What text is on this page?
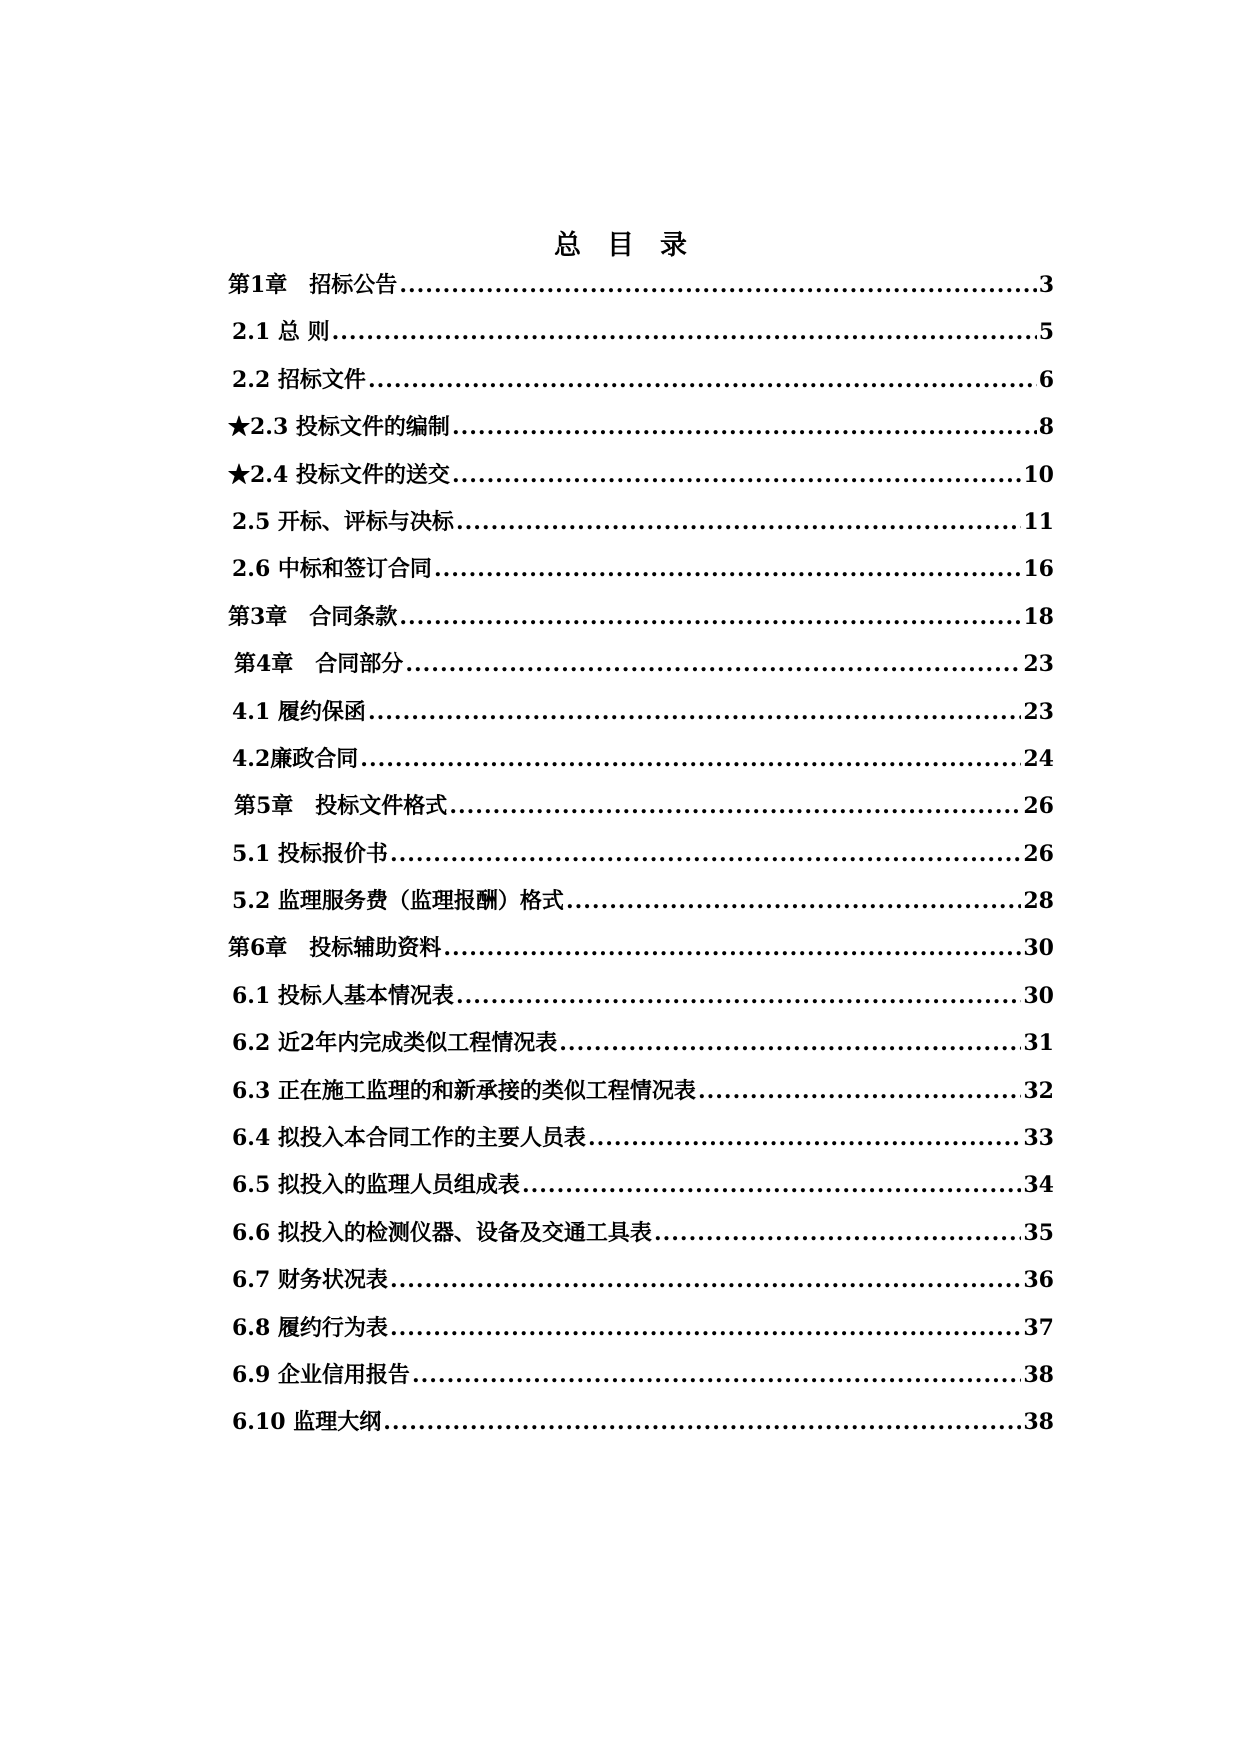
总目录
第1章　招标公告 .....	3
2.1 总 则 .....	5
2.2 招标文件 .....	6
★2.3 投标文件的编制 .....	8
★2.4 投标文件的送交 .....	10
2.5 开标、评标与决标 .....	11
2.6 中标和签订合同 .....	16
第3章　合同条款 .....	18
第4章　合同部分 .....	23
4.1 履约保函 .....	23
4.2廉政合同 .....	24
第5章　投标文件格式 .....	26
5.1 投标报价书 .....	26
5.2 监理服务费（监理报酬）格式 .....	28
第6章　投标辅助资料 .....	30
6.1 投标人基本情况表 .....	30
6.2 近2年内完成类似工程情况表 .....	31
6.3 正在施工监理的和新承接的类似工程情况表 .....	32
6.4 拟投入本合同工作的主要人员表 .....	33
6.5 拟投入的监理人员组成表 .....	34
6.6 拟投入的检测仪器、设备及交通工具表 .....	35
6.7 财务状况表 .....	36
6.8 履约行为表 .....	37
6.9 企业信用报告 .....	38
6.10 监理大纲 .....	38
